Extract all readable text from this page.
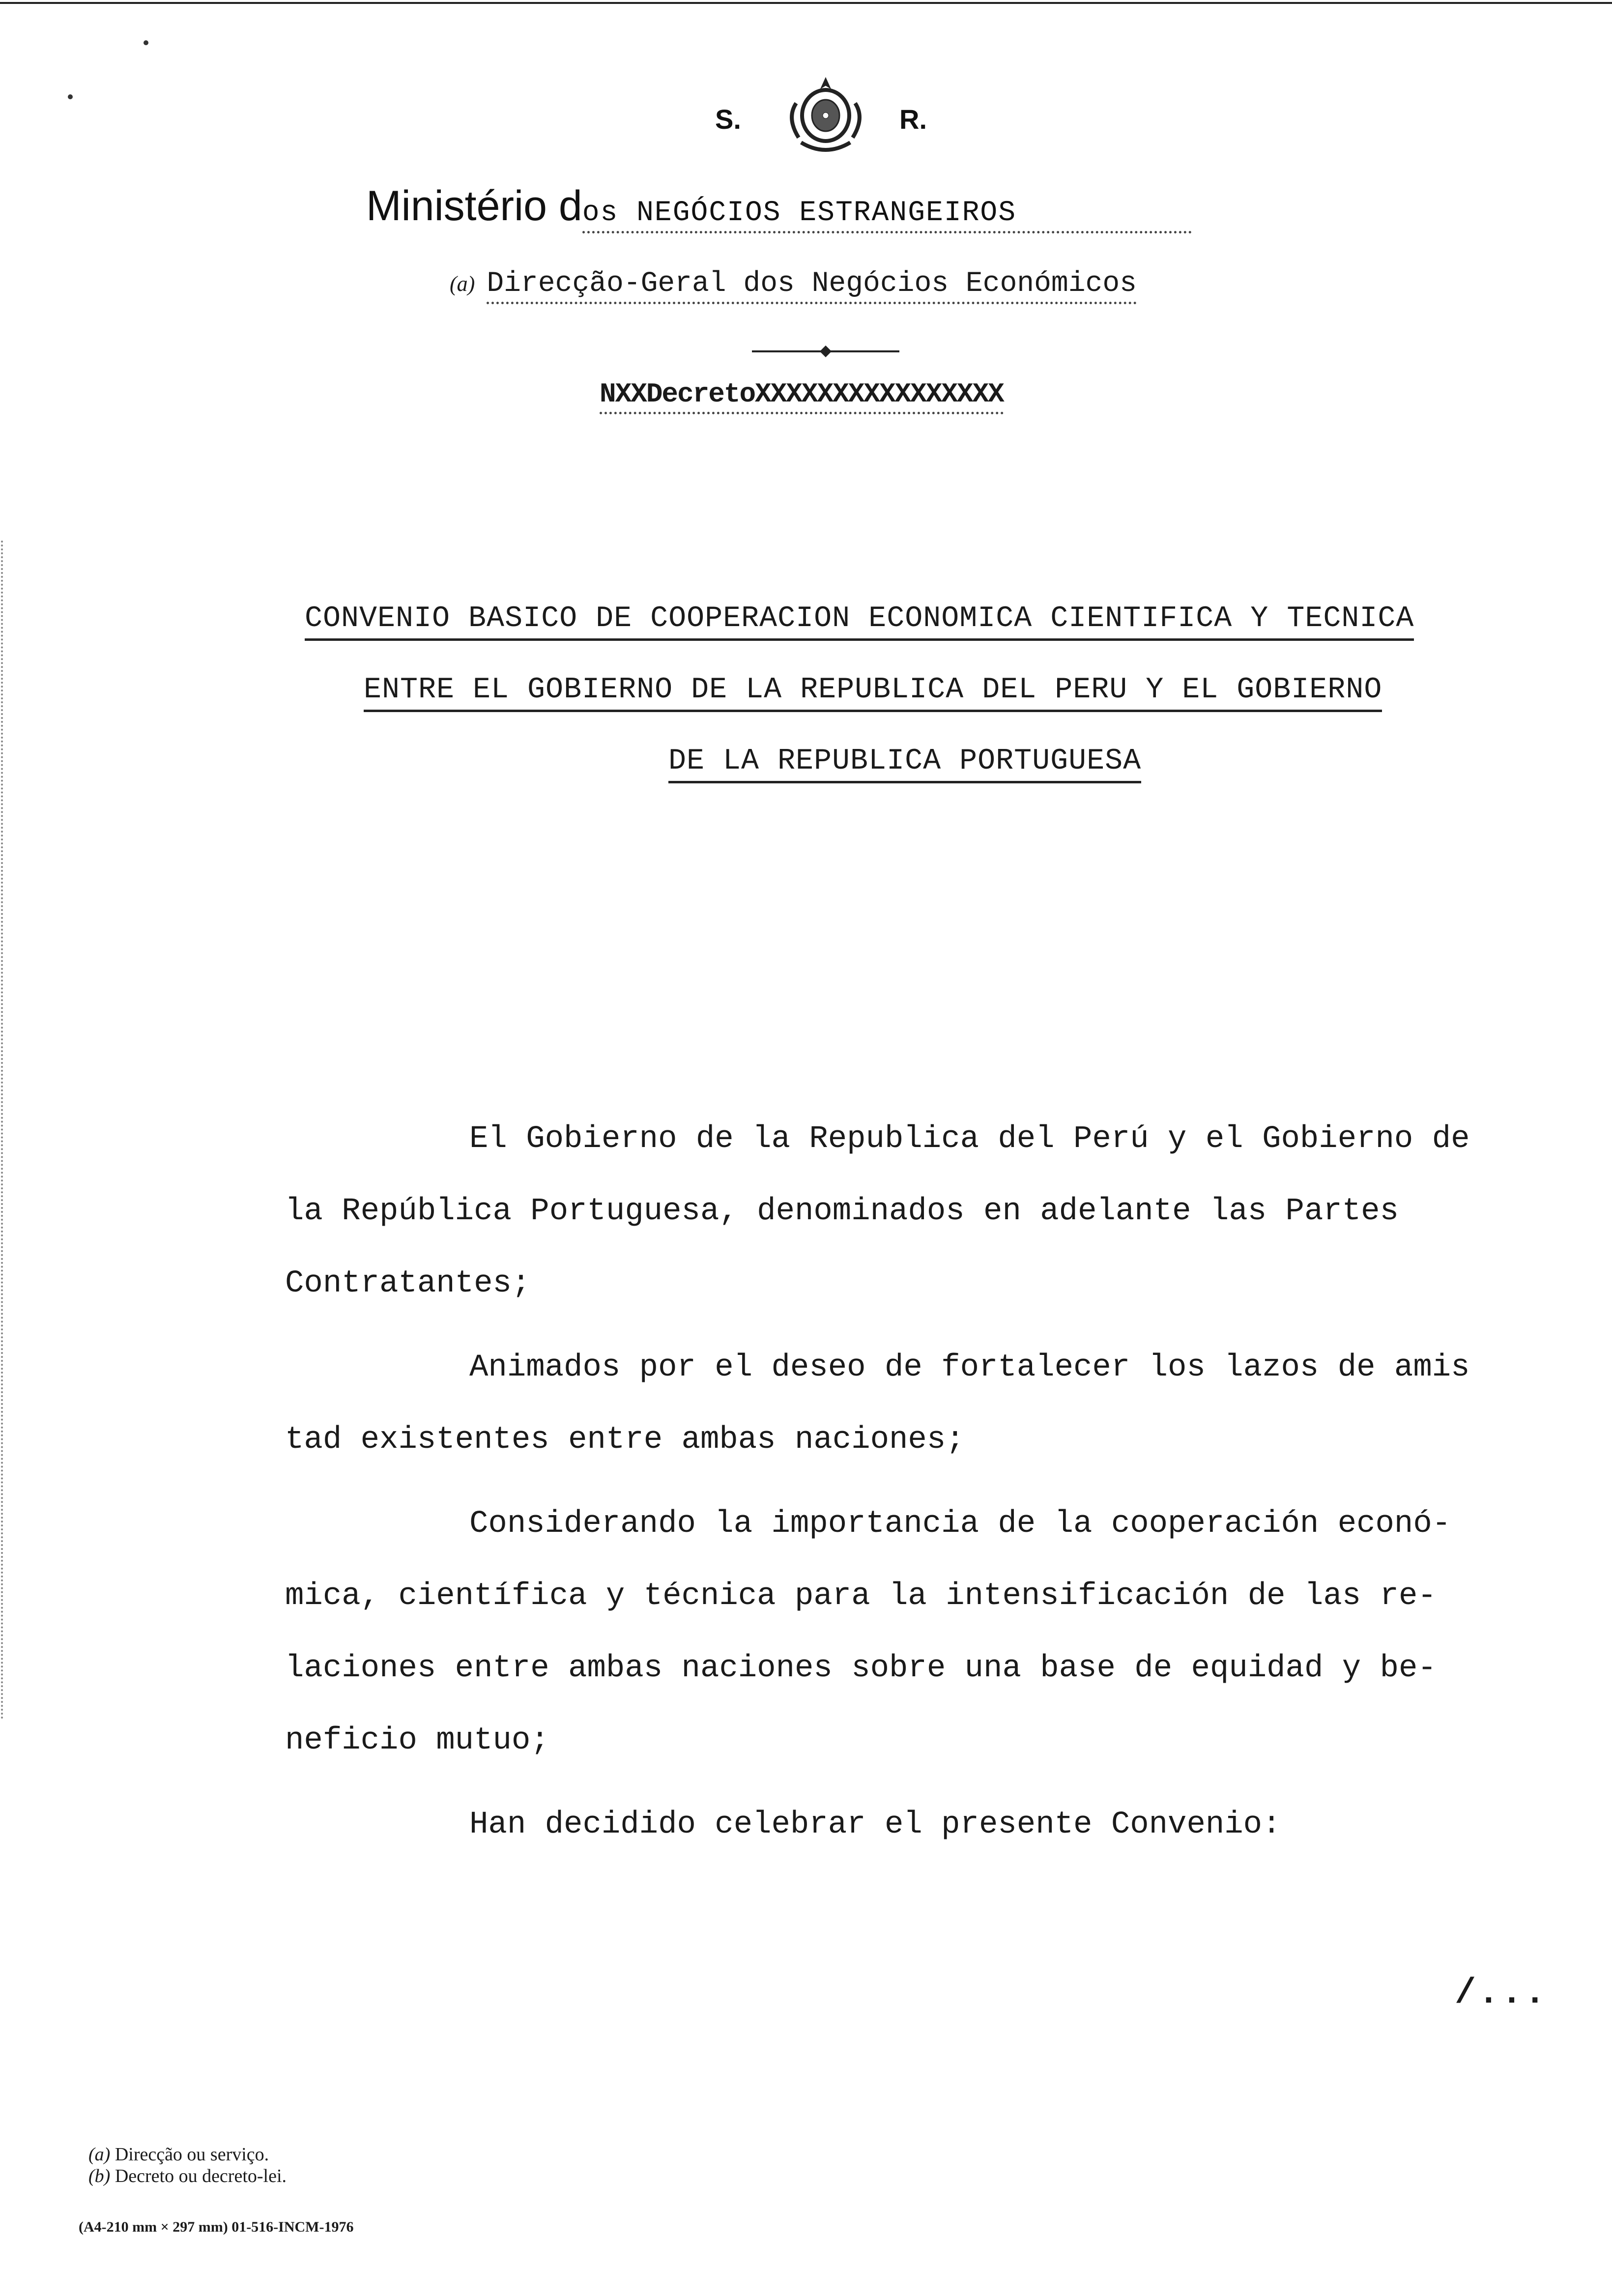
S.	R.
Ministério dos NEGÓCIOS ESTRANGEIROS
(a) Direcção-Geral dos Negócios Económicos
NXXDecretoXXXXXXXXXXXXXXXX
CONVENIO BASICO DE COOPERACION ECONOMICA CIENTIFICA Y TECNICA
ENTRE EL GOBIERNO DE LA REPUBLICA DEL PERU Y EL GOBIERNO
DE LA REPUBLICA PORTUGUESA
El Gobierno de la Republica del Perú y el Gobierno de
la República Portuguesa, denominados en adelante las Partes
Contratantes;
Animados por el deseo de fortalecer los lazos de amis
tad existentes entre ambas naciones;
Considerando la importancia de la cooperación econó-
mica, científica y técnica para la intensificación de las re-
laciones entre ambas naciones sobre una base de equidad y be-
neficio mutuo;
Han decidido celebrar el presente Convenio:
/...
(a) Direcção ou serviço.
(b) Decreto ou decreto-lei.
(A4-210 mm × 297 mm) 01-516-INCM-1976
